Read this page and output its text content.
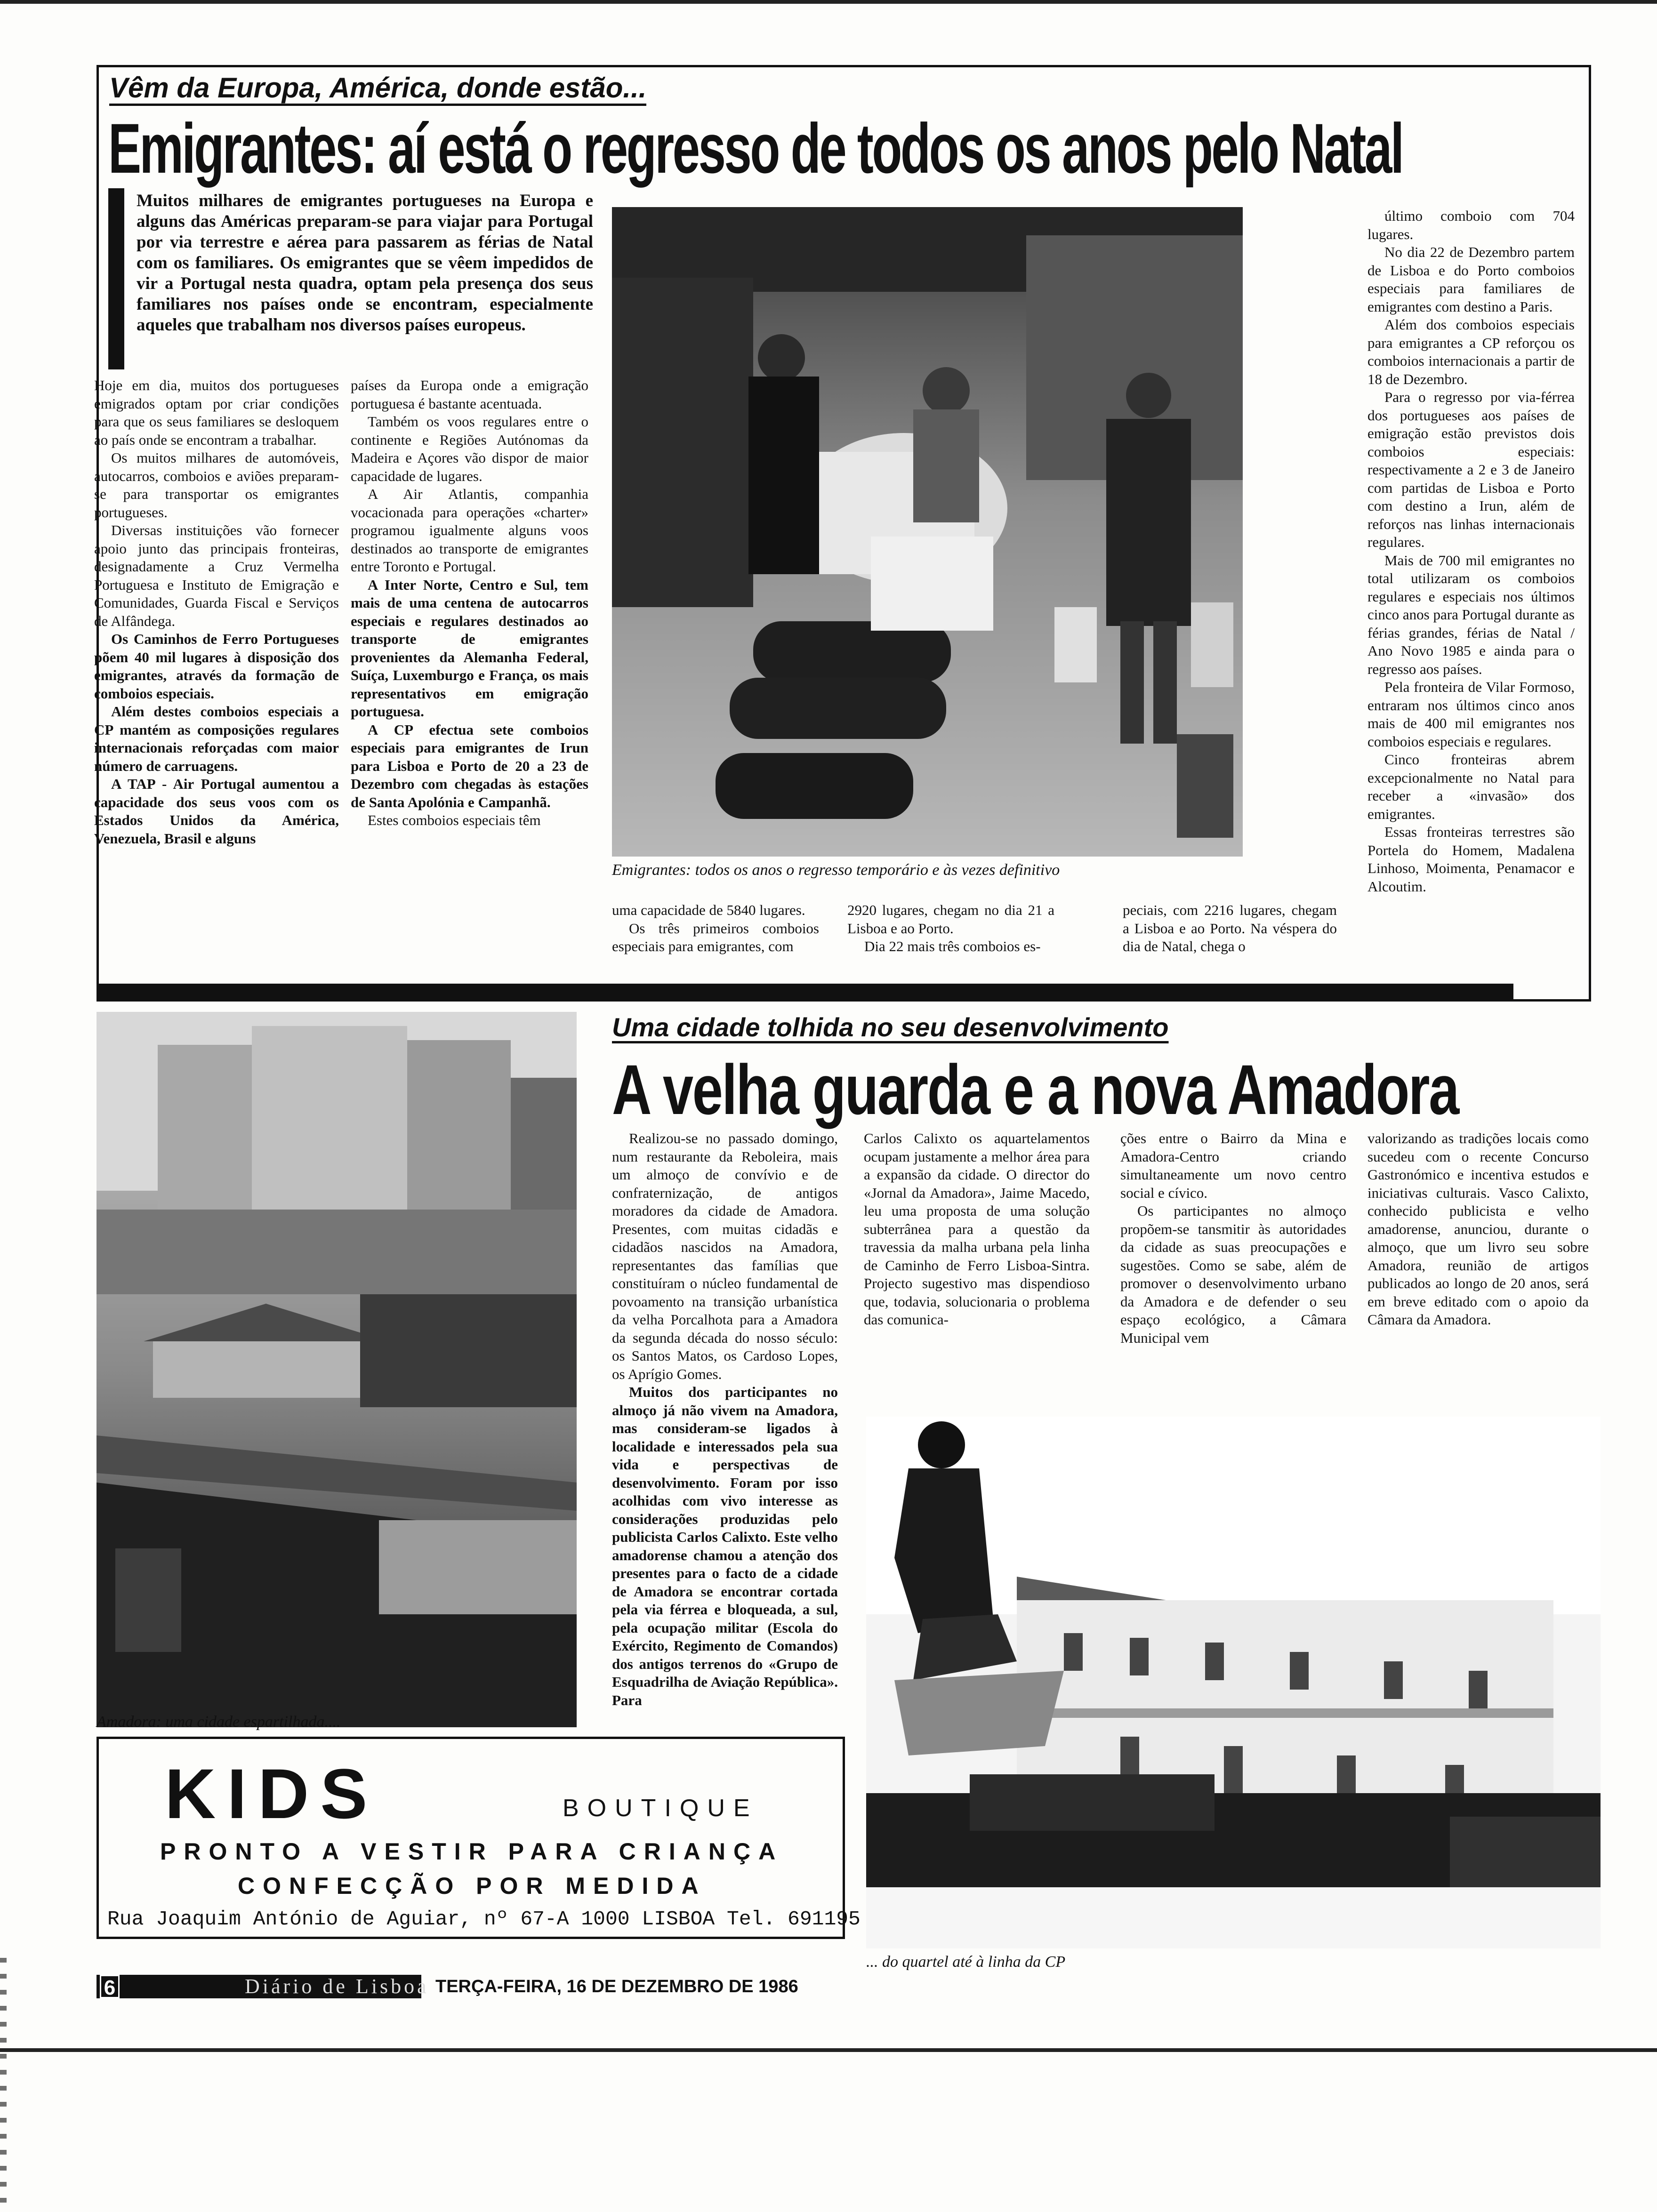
Vêm da Europa, América, donde estão...
Emigrantes: aí está o regresso de todos os anos pelo Natal
Muitos milhares de emigrantes portugueses na Europa e alguns das Américas preparam-se para viajar para Portugal por via terrestre e aérea para passarem as férias de Natal com os familiares. Os emigrantes que se vêem impedidos de vir a Portugal nesta quadra, optam pela presença dos seus familiares nos países onde se encontram, especialmente aqueles que trabalham nos diversos países europeus.

Hoje em dia, muitos dos portugueses emigrados optam por criar condições para que os seus familiares se desloquem ao país onde se encontram a trabalhar.

Os muitos milhares de automóveis, autocarros, comboios e aviões preparam-se para transportar os emigrantes portugueses.

Diversas instituições vão fornecer apoio junto das principais fronteiras, designadamente a Cruz Vermelha Portuguesa e Instituto de Emigração e Comunidades, Guarda Fiscal e Serviços de Alfândega.

Os Caminhos de Ferro Portugueses põem 40 mil lugares à disposição dos emigrantes, através da formação de comboios especiais.

Além destes comboios especiais a CP mantém as composições regulares internacionais reforçadas com maior número de carruagens.

A TAP - Air Portugal aumentou a capacidade dos seus voos com os Estados Unidos da América, Venezuela, Brasil e alguns

países da Europa onde a emigração portuguesa é bastante acentuada.

Também os voos regulares entre o continente e Regiões Autónomas da Madeira e Açores vão dispor de maior capacidade de lugares.

A Air Atlantis, companhia vocacionada para operações «charter» programou igualmente alguns voos destinados ao transporte de emigrantes entre Toronto e Portugal.

A Inter Norte, Centro e Sul, tem mais de uma centena de autocarros especiais e regulares destinados ao transporte de emigrantes provenientes da Alemanha Federal, Suíça, Luxemburgo e França, os mais representativos em emigração portuguesa.

A CP efectua sete comboios especiais para emigrantes de Irun para Lisboa e Porto de 20 a 23 de Dezembro com chegadas às estações de Santa Apolónia e Campanhã.

Estes comboios especiais têm

Emigrantes: todos os anos o regresso temporário e às vezes definitivo

uma capacidade de 5840 lugares.

Os três primeiros comboios especiais para emigrantes, com

2920 lugares, chegam no dia 21 a Lisboa e ao Porto.

Dia 22 mais três comboios es-

peciais, com 2216 lugares, chegam a Lisboa e ao Porto. Na véspera do dia de Natal, chega o

último comboio com 704 lugares.

No dia 22 de Dezembro partem de Lisboa e do Porto comboios especiais para familiares de emigrantes com destino a Paris.

Além dos comboios especiais para emigrantes a CP reforçou os comboios internacionais a partir de 18 de Dezembro.

Para o regresso por via-férrea dos portugueses aos países de emigração estão previstos dois comboios especiais: respectivamente a 2 e 3 de Janeiro com partidas de Lisboa e Porto com destino a Irun, além de reforços nas linhas internacionais regulares.

Mais de 700 mil emigrantes no total utilizaram os comboios regulares e especiais nos últimos cinco anos para Portugal durante as férias grandes, férias de Natal / Ano Novo 1985 e ainda para o regresso aos países.

Pela fronteira de Vilar Formoso, entraram nos últimos cinco anos mais de 400 mil emigrantes nos comboios especiais e regulares.

Cinco fronteiras abrem excepcionalmente no Natal para receber a «invasão» dos emigrantes.

Essas fronteiras terrestres são Portela do Homem, Madalena Linhoso, Moimenta, Penamacor e Alcoutim.

Amadora: uma cidade espartilhada....
Uma cidade tolhida no seu desenvolvimento
A velha guarda e a nova Amadora

Realizou-se no passado domingo, num restaurante da Reboleira, mais um almoço de convívio e de confraternização, de antigos moradores da cidade de Amadora. Presentes, com muitas cidadãs e cidadãos nascidos na Amadora, representantes das famílias que constituíram o núcleo fundamental de povoamento na transição urbanística da velha Porcalhota para a Amadora da segunda década do nosso século: os Santos Matos, os Cardoso Lopes, os Aprígio Gomes.

Muitos dos participantes no almoço já não vivem na Amadora, mas consideram-se ligados à localidade e interessados pela sua vida e perspectivas de desenvolvimento. Foram por isso acolhidas com vivo interesse as considerações produzidas pelo publicista Carlos Calixto. Este velho amadorense chamou a atenção dos presentes para o facto de a cidade de Amadora se encontrar cortada pela via férrea e bloqueada, a sul, pela ocupação militar (Escola do Exército, Regimento de Comandos) dos antigos terrenos do «Grupo de Esquadrilha de Aviação República». Para

Carlos Calixto os aquartelamentos ocupam justamente a melhor área para a expansão da cidade. O director do «Jornal da Amadora», Jaime Macedo, leu uma proposta de uma solução subterrânea para a questão da travessia da malha urbana pela linha de Caminho de Ferro Lisboa-Sintra. Projecto sugestivo mas dispendioso que, todavia, solucionaria o problema das comunica-

ções entre o Bairro da Mina e Amadora-Centro criando simultaneamente um novo centro social e cívico.

Os participantes no almoço propõem-se tansmitir às autoridades da cidade as suas preocupações e sugestões. Como se sabe, além de promover o desenvolvimento urbano da Amadora e de defender o seu espaço ecológico, a Câmara Municipal vem

valorizando as tradições locais como sucedeu com o recente Concurso Gastronómico e incentiva estudos e iniciativas culturais. Vasco Calixto, conhecido publicista e velho amadorense, anunciou, durante o almoço, que um livro seu sobre Amadora, reunião de artigos publicados ao longo de 20 anos, será em breve editado com o apoio da Câmara da Amadora.

... do quartel até à linha da CP
KIDS	BOUTIQUE
PRONTO A VESTIR PARA CRIANÇA
CONFECÇÃO POR MEDIDA
Rua Joaquim António de Aguiar, nº 67-A 1000 LISBOA Tel. 691195
6	Diário de Lisboa TERÇA-FEIRA, 16 DE DEZEMBRO DE 1986
